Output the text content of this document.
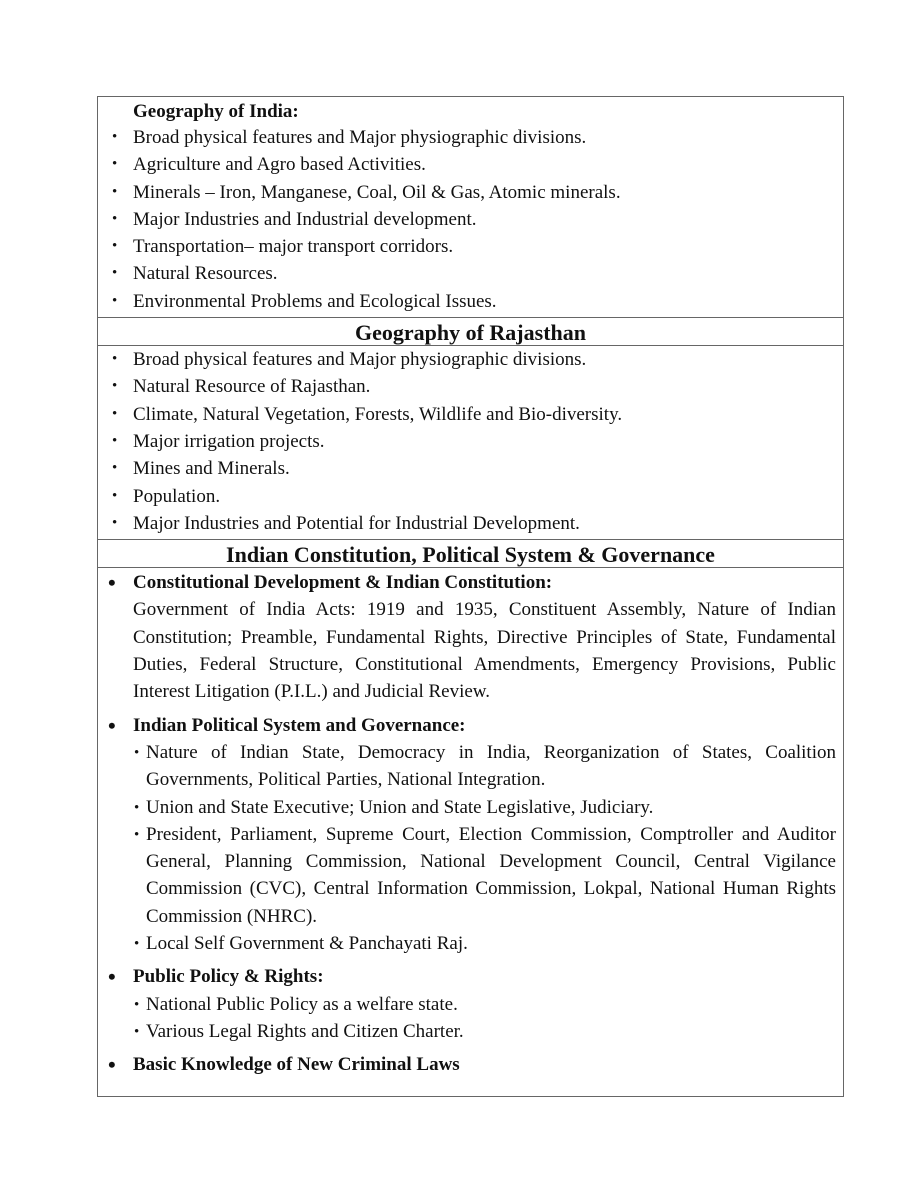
Geography of India:
• Broad physical features and Major physiographic divisions.
• Agriculture and Agro based Activities.
• Minerals – Iron, Manganese, Coal, Oil & Gas, Atomic minerals.
• Major Industries and Industrial development.
• Transportation– major transport corridors.
• Natural Resources.
• Environmental Problems and Ecological Issues.
Geography of Rajasthan
• Broad physical features and Major physiographic divisions.
• Natural Resource of Rajasthan.
• Climate, Natural Vegetation, Forests, Wildlife and Bio-diversity.
• Major irrigation projects.
• Mines and Minerals.
• Population.
• Major Industries and Potential for Industrial Development.
Indian Constitution, Political System & Governance
• Constitutional Development & Indian Constitution:
Government of India Acts: 1919 and 1935, Constituent Assembly, Nature of Indian Constitution; Preamble, Fundamental Rights, Directive Principles of State, Fundamental Duties, Federal Structure, Constitutional Amendments, Emergency Provisions, Public Interest Litigation (P.I.L.) and Judicial Review.
• Indian Political System and Governance:
• Nature of Indian State, Democracy in India, Reorganization of States, Coalition Governments, Political Parties, National Integration.
• Union and State Executive; Union and State Legislative, Judiciary.
• President, Parliament, Supreme Court, Election Commission, Comptroller and Auditor General, Planning Commission, National Development Council, Central Vigilance Commission (CVC), Central Information Commission, Lokpal, National Human Rights Commission (NHRC).
• Local Self Government & Panchayati Raj.
• Public Policy & Rights:
• National Public Policy as a welfare state.
• Various Legal Rights and Citizen Charter.
• Basic Knowledge of New Criminal Laws
